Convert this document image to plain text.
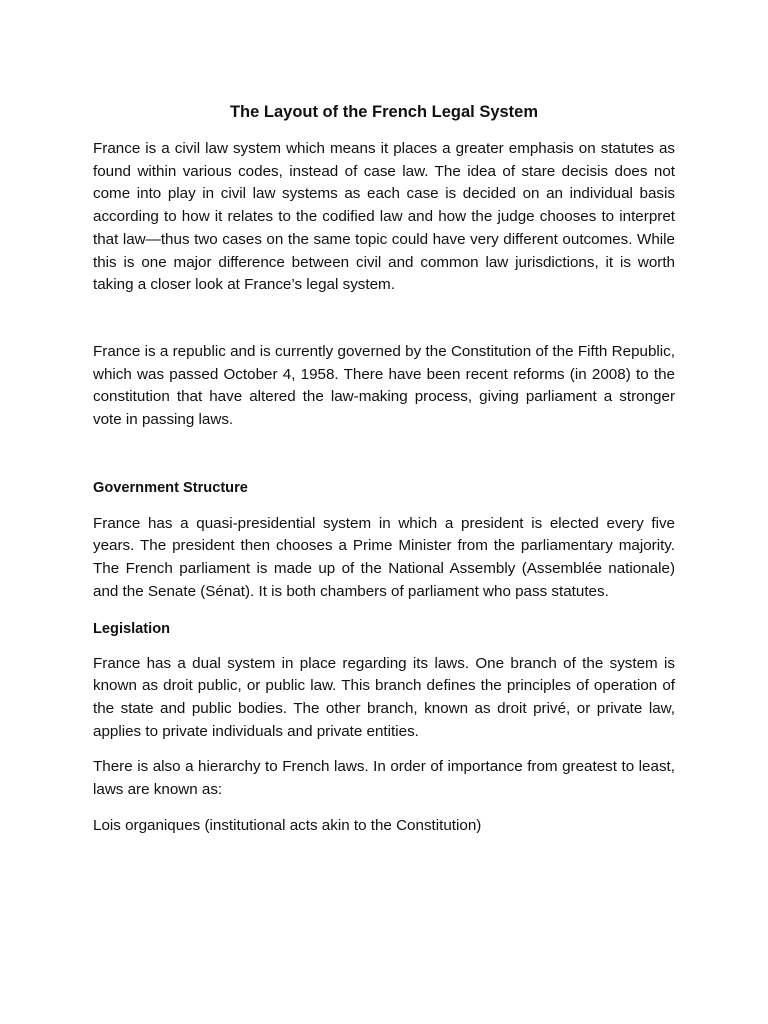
The Layout of the French Legal System

France is a civil law system which means it places a greater emphasis on statutes as found within various codes, instead of case law. The idea of stare decisis does not come into play in civil law systems as each case is decided on an individual basis according to how it relates to the codified law and how the judge chooses to interpret that law—thus two cases on the same topic could have very different outcomes. While this is one major difference between civil and common law jurisdictions, it is worth taking a closer look at France’s legal system.

France is a republic and is currently governed by the Constitution of the Fifth Republic, which was passed October 4, 1958. There have been recent reforms (in 2008) to the constitution that have altered the law-making process, giving parliament a stronger vote in passing laws.

Government Structure

France has a quasi-presidential system in which a president is elected every five years. The president then chooses a Prime Minister from the parliamentary majority. The French parliament is made up of the National Assembly (Assemblée nationale) and the Senate (Sénat). It is both chambers of parliament who pass statutes.

Legislation

France has a dual system in place regarding its laws. One branch of the system is known as droit public, or public law. This branch defines the principles of operation of the state and public bodies. The other branch, known as droit privé, or private law, applies to private individuals and private entities.

There is also a hierarchy to French laws. In order of importance from greatest to least, laws are known as:

Lois organiques (institutional acts akin to the Constitution)
